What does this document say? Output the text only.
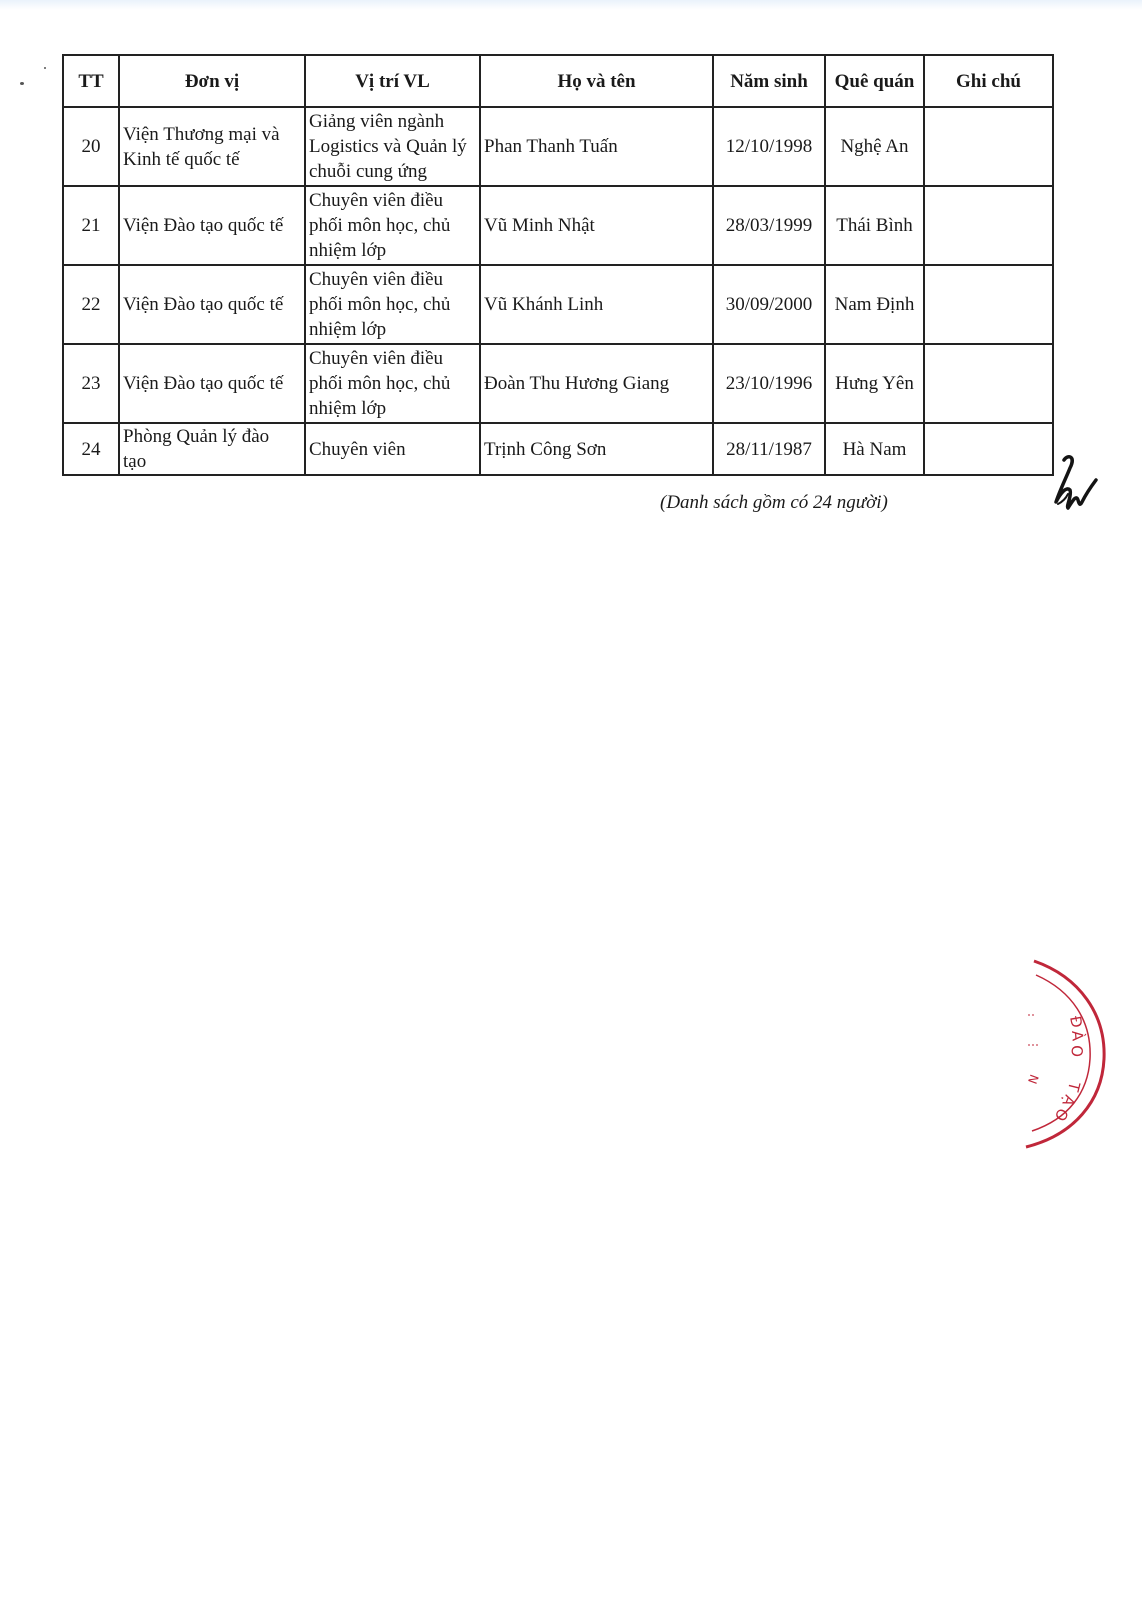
TT	Đơn vị	Vị trí VL	Họ và tên	Năm sinh	Quê quán	Ghi chú
20	Viện Thương mại và
Kinh tế quốc tế	Giảng viên ngành
Logistics và Quản lý
chuỗi cung ứng	Phan Thanh Tuấn	12/10/1998	Nghệ An	
21	Viện Đào tạo quốc tế	Chuyên viên điều
phối môn học, chủ
nhiệm lớp	Vũ Minh Nhật	28/03/1999	Thái Bình	
22	Viện Đào tạo quốc tế	Chuyên viên điều
phối môn học, chủ
nhiệm lớp	Vũ Khánh Linh	30/09/2000	Nam Định	
23	Viện Đào tạo quốc tế	Chuyên viên điều
phối môn học, chủ
nhiệm lớp	Đoàn Thu Hương Giang	23/10/1996	Hưng Yên	
24	Phòng Quản lý đào
tạo	Chuyên viên	Trịnh Công Sơn	28/11/1987	Hà Nam	
(Danh sách gồm có 24 người)
Đ
À
O
T
Ạ
O
N
